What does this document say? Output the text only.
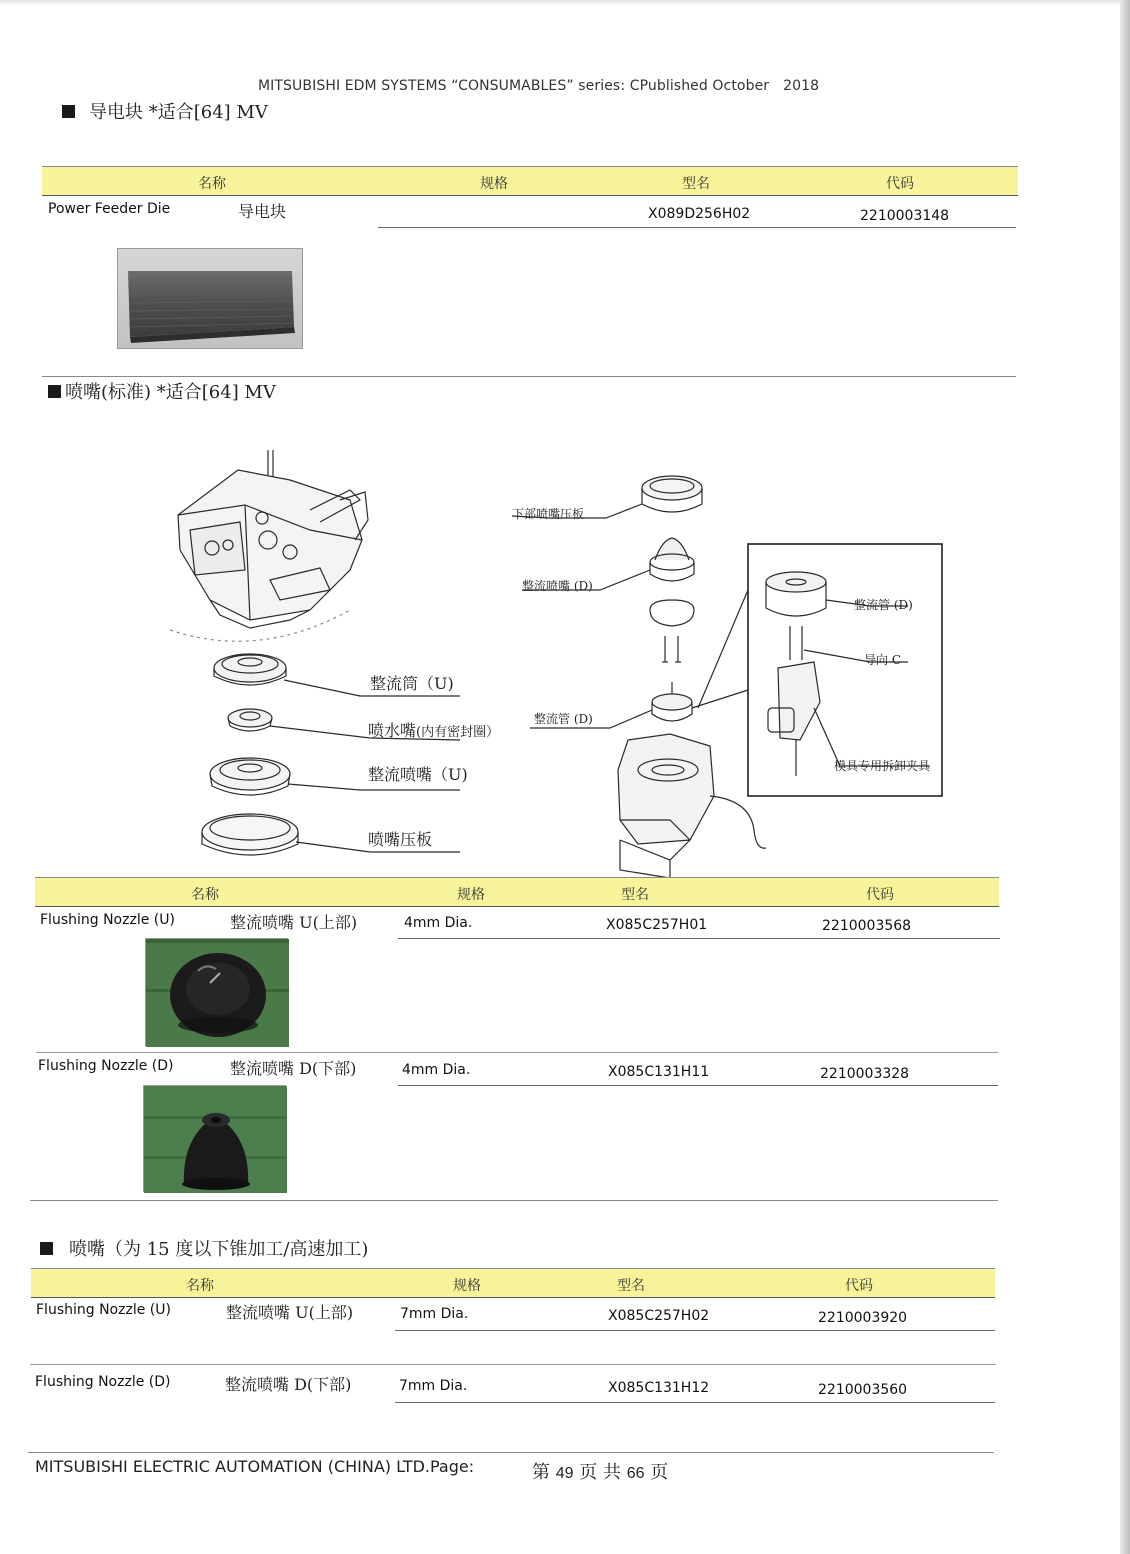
MITSUBISHI EDM SYSTEMS “CONSUMABLES” series: CPublished October 2018
导电块 *适合[64] MV
名称	规格	型名	代码
Power Feeder Die	导电块	X089D256H02	2210003148
喷嘴(标准) *适合[64] MV
整流筒（U)
喷水嘴(内有密封圈）
整流喷嘴（U)
喷嘴压板
下部喷嘴压板
整流喷嘴 (D)
整流管 (D)
整流管 (D)
导向 C
模具专用拆卸夹具
名称	规格	型名	代码
Flushing Nozzle (U)	整流喷嘴 U(上部)	4mm Dia.	X085C257H01	2210003568
Flushing Nozzle (D)	整流喷嘴 D(下部)	4mm Dia.	X085C131H11	2210003328
喷嘴（为 15 度以下锥加工/高速加工)
名称	规格	型名	代码
Flushing Nozzle (U)	整流喷嘴 U(上部)	7mm Dia.	X085C257H02	2210003920
Flushing Nozzle (D)	整流喷嘴 D(下部)	7mm Dia.	X085C131H12	2210003560
MITSUBISHI ELECTRIC AUTOMATION (CHINA) LTD.Page:	第 49 页 共 66 页
